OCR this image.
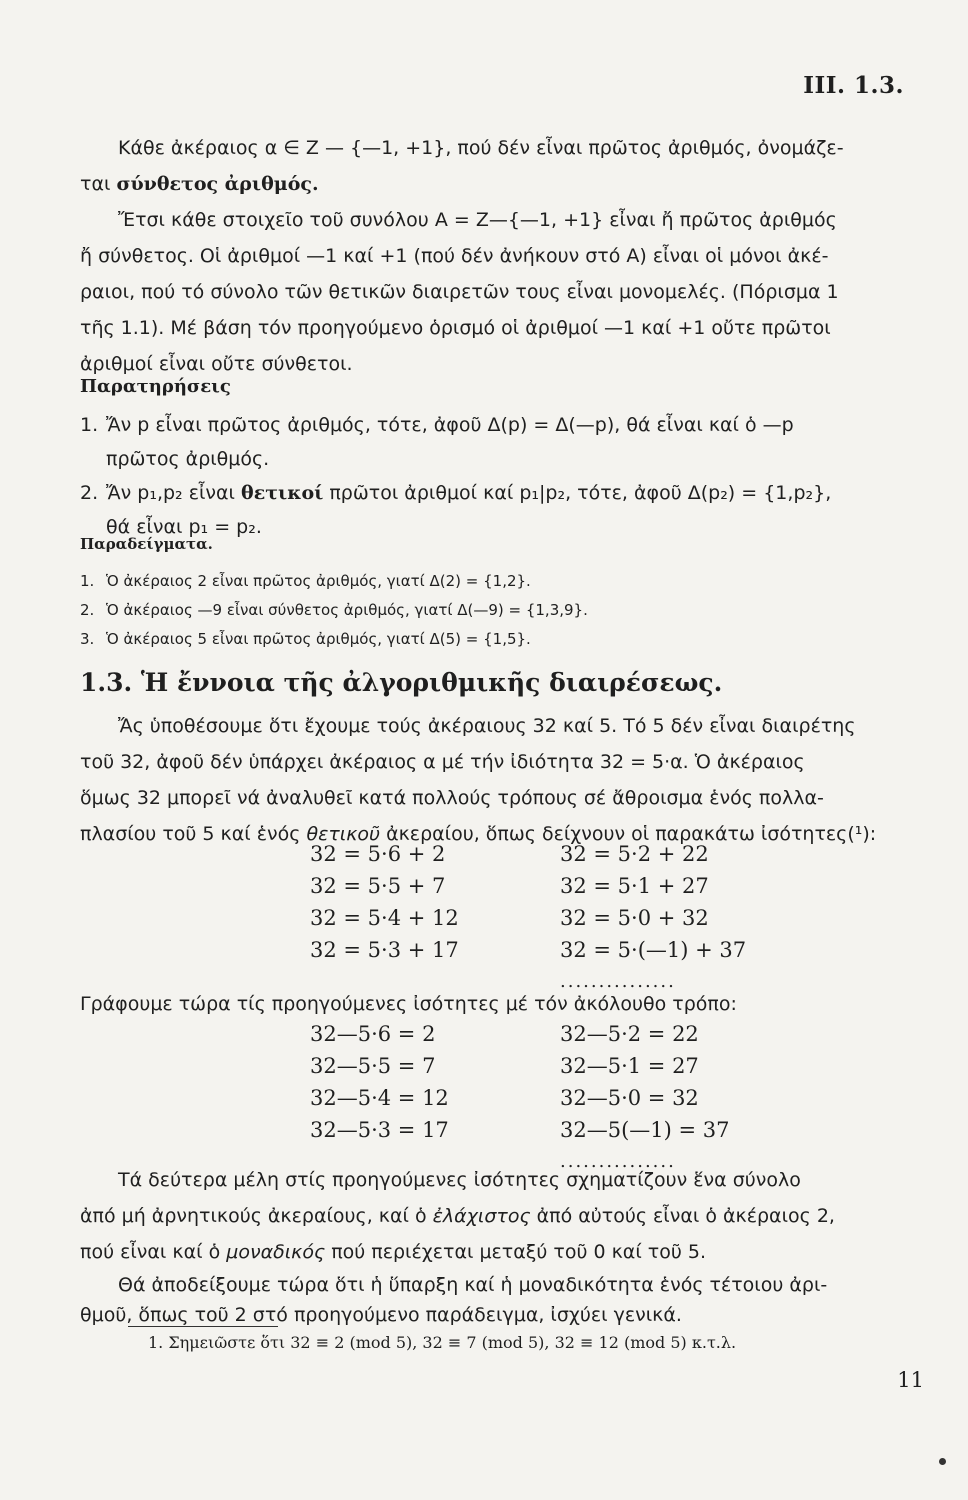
III. 1.3.

Κάθε ἀκέραιος α ∈ Z — {—1, +1}, πού δέν εἶναι πρῶτος ἀριθμός, ὀνομάζε-

ται σύνθετος ἀριθμός.

Ἔτσι κάθε στοιχεῖο τοῦ συνόλου A = Z—{—1, +1} εἶναι ἤ πρῶτος ἀριθμός

ἤ σύνθετος. Οἱ ἀριθμοί —1 καί +1 (πού δέν ἀνήκουν στό A) εἶναι οἱ μόνοι ἀκέ-

ραιοι, πού τό σύνολο τῶν θετικῶν διαιρετῶν τους εἶναι μονομελές. (Πόρισμα 1

τῆς 1.1). Μέ βάση τόν προηγούμενο ὁρισμό οἱ ἀριθμοί —1 καί +1 οὔτε πρῶτοι

ἀριθμοί εἶναι οὔτε σύνθετοι.

Παρατηρήσεις
1. Ἄν p εἶναι πρῶτος ἀριθμός, τότε, ἀφοῦ Δ(p) = Δ(—p), θά εἶναι καί ὁ —p
πρῶτος ἀριθμός.
2. Ἄν p₁,p₂ εἶναι θετικοί πρῶτοι ἀριθμοί καί p₁|p₂, τότε, ἀφοῦ Δ(p₂) = {1,p₂},
θά εἶναι p₁ = p₂.
Παραδείγματα.
1. Ὁ ἀκέραιος 2 εἶναι πρῶτος ἀριθμός, γιατί Δ(2) = {1,2}.
2. Ὁ ἀκέραιος —9 εἶναι σύνθετος ἀριθμός, γιατί Δ(—9) = {1,3,9}.
3. Ὁ ἀκέραιος 5 εἶναι πρῶτος ἀριθμός, γιατί Δ(5) = {1,5}.
1.3. Ἡ ἔννοια τῆς ἀλγοριθμικῆς διαιρέσεως.

Ἄς ὑποθέσουμε ὅτι ἔχουμε τούς ἀκέραιους 32 καί 5. Τό 5 δέν εἶναι διαιρέτης

τοῦ 32, ἀφοῦ δέν ὑπάρχει ἀκέραιος α μέ τήν ἰδιότητα 32 = 5·α. Ὁ ἀκέραιος

ὅμως 32 μπορεῖ νά ἀναλυθεῖ κατά πολλούς τρόπους σέ ἄθροισμα ἑνός πολλα-

πλασίου τοῦ 5 καί ἑνός θετικοῦ ἀκεραίου, ὅπως δείχνουν οἱ παρακάτω ἰσότητες(¹):

32 = 5·6 + 2	32 = 5·2 + 22
32 = 5·5 + 7	32 = 5·1 + 27
32 = 5·4 + 12	32 = 5·0 + 32
32 = 5·3 + 17	32 = 5·(—1) + 37
...............

Γράφουμε τώρα τίς προηγούμενες ἰσότητες μέ τόν ἀκόλουθο τρόπο:

32—5·6 = 2	32—5·2 = 22
32—5·5 = 7	32—5·1 = 27
32—5·4 = 12	32—5·0 = 32
32—5·3 = 17	32—5(—1) = 37
...............

Τά δεύτερα μέλη στίς προηγούμενες ἰσότητες σχηματίζουν ἕνα σύνολο

ἀπό μή ἀρνητικούς ἀκεραίους, καί ὁ ἐλάχιστος ἀπό αὐτούς εἶναι ὁ ἀκέραιος 2,

πού εἶναι καί ὁ μοναδικός πού περιέχεται μεταξύ τοῦ 0 καί τοῦ 5.

Θά ἀποδείξουμε τώρα ὅτι ἡ ὕπαρξη καί ἡ μοναδικότητα ἑνός τέτοιου ἀρι-

θμοῦ, ὅπως τοῦ 2 στό προηγούμενο παράδειγμα, ἰσχύει γενικά.

1. Σημειῶστε ὅτι 32 ≡ 2 (mod 5), 32 ≡ 7 (mod 5), 32 ≡ 12 (mod 5) κ.τ.λ.
11
